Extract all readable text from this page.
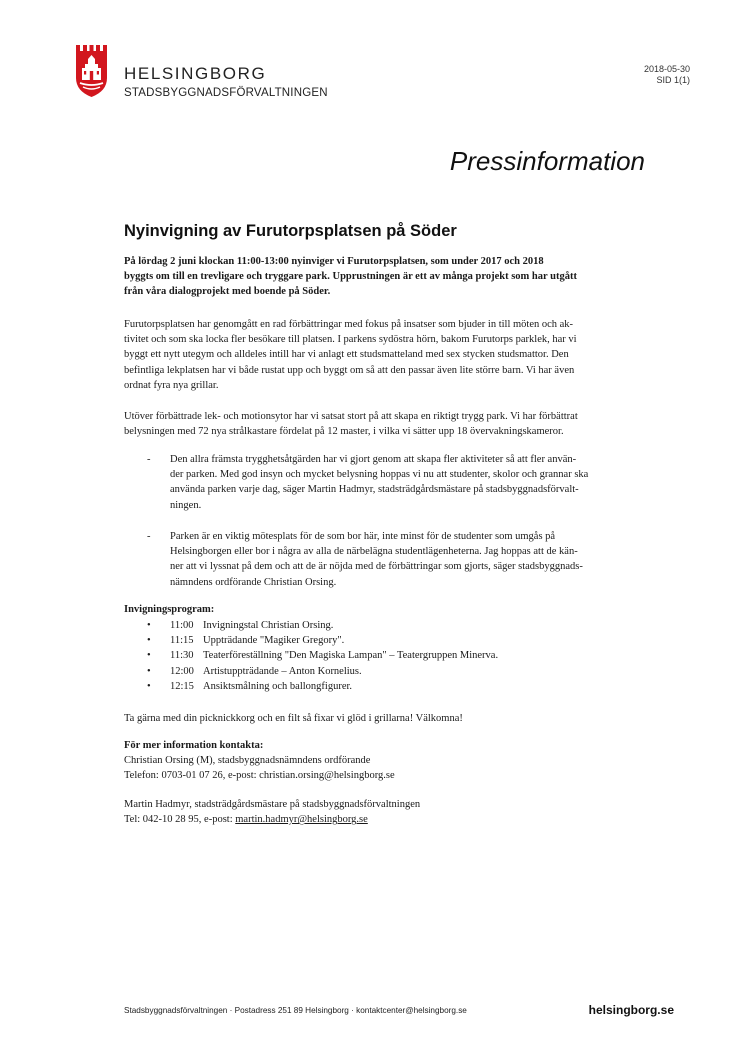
HELSINGBORG
STADSBYGGNADSFÖRVALTNINGEN
2018-05-30
SID 1(1)
Pressinformation
Nyinvigning av Furutorpsplatsen på Söder
På lördag 2 juni klockan 11:00-13:00 nyinviger vi Furutorpsplatsen, som under 2017 och 2018
byggts om till en trevligare och tryggare park. Upprustningen är ett av många projekt som har utgått
från våra dialogprojekt med boende på Söder.
Furutorpsplatsen har genomgått en rad förbättringar med fokus på insatser som bjuder in till möten och ak-
tivitet och som ska locka fler besökare till platsen. I parkens sydöstra hörn, bakom Furutorps parklek, har vi
byggt ett nytt utegym och alldeles intill har vi anlagt ett studsmatteland med sex stycken studsmattor. Den
befintliga lekplatsen har vi både rustat upp och byggt om så att den passar även lite större barn. Vi har även
ordnat fyra nya grillar.
Utöver förbättrade lek- och motionsytor har vi satsat stort på att skapa en riktigt trygg park. Vi har förbättrat
belysningen med 72 nya strålkastare fördelat på 12 master, i vilka vi sätter upp 18 övervakningskameror.
- Den allra främsta trygghetsåtgärden har vi gjort genom att skapa fler aktiviteter så att fler använ-
der parken. Med god insyn och mycket belysning hoppas vi nu att studenter, skolor och grannar ska
använda parken varje dag, säger Martin Hadmyr, stadsträdgårdsmästare på stadsbyggnadsförvalt-
ningen.
- Parken är en viktig mötesplats för de som bor här, inte minst för de studenter som umgås på
Helsingborgen eller bor i några av alla de närbelägna studentlägenheterna. Jag hoppas att de kän-
ner att vi lyssnat på dem och att de är nöjda med de förbättringar som gjorts, säger stadsbyggnads-
nämndens ordförande Christian Orsing.
Invigningsprogram:
• 11:00 Invigningstal Christian Orsing.
• 11:15 Uppträdande "Magiker Gregory".
• 11:30 Teaterföreställning "Den Magiska Lampan" – Teatergruppen Minerva.
• 12:00 Artistuppträdande – Anton Kornelius.
• 12:15 Ansiktsmålning och ballongfigurer.
Ta gärna med din picknickkorg och en filt så fixar vi glöd i grillarna! Välkomna!
För mer information kontakta:
Christian Orsing (M), stadsbyggnadsnämndens ordförande
Telefon: 0703-01 07 26, e-post: christian.orsing@helsingborg.se
Martin Hadmyr, stadsträdgårdsmästare på stadsbyggnadsförvaltningen
Tel: 042-10 28 95, e-post: martin.hadmyr@helsingborg.se
Stadsbyggnadsförvaltningen · Postadress 251 89 Helsingborg · kontaktcenter@helsingborg.se	helsingborg.se
